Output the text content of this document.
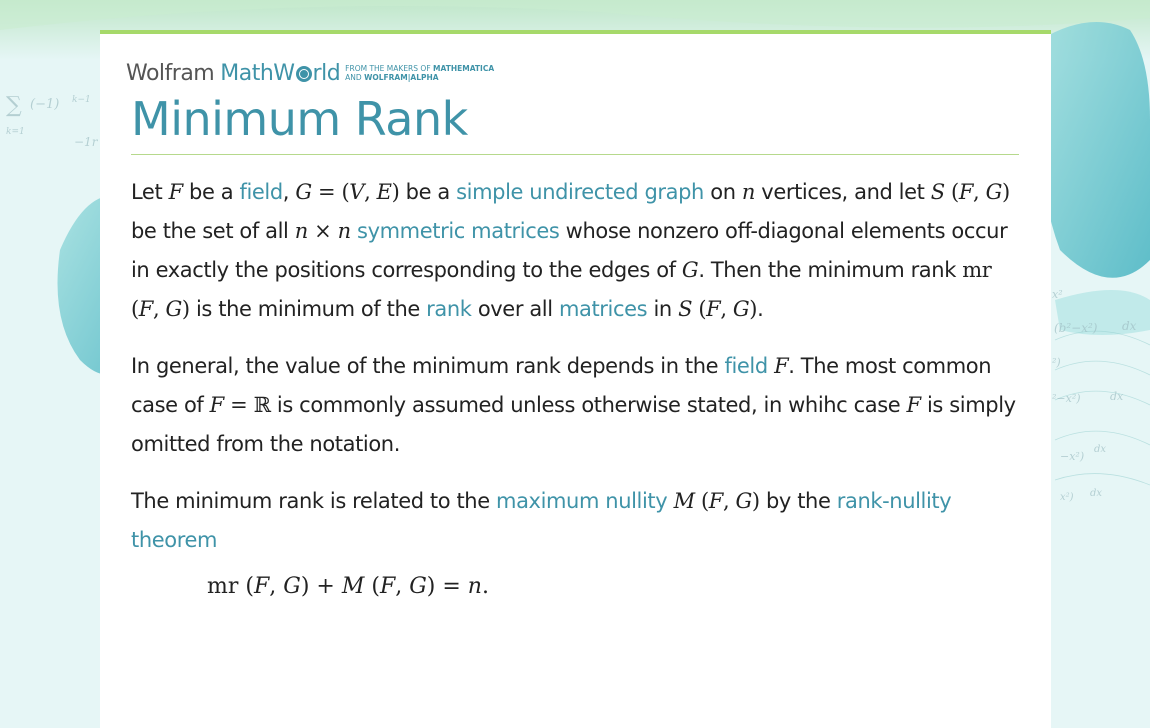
∑ (−1) k−1
k=1
−1r
x²
(b²−x²) dx
²)
²−x²)	dx
−x²)
dx
x²) dx
Wolfram MathW rld FROM THE MAKERS OF MATHEMATICA
AND WOLFRAM|ALPHA
Minimum Rank

Let F be a field, G = (V, E) be a simple undirected graph on n vertices, and let S (F, G) be the set of all n × n symmetric matrices whose nonzero off-diagonal elements occur in exactly the positions corresponding to the edges of G. Then the minimum rank mr (F, G) is the minimum of the rank over all matrices in S (F, G).

In general, the value of the minimum rank depends in the field F. The most common case of F = ℝ is commonly assumed unless otherwise stated, in whihc case F is simply omitted from the notation.

The minimum rank is related to the maximum nullity M (F, G) by the rank-nullity theorem

mr (F, G) + M (F, G) = n.
